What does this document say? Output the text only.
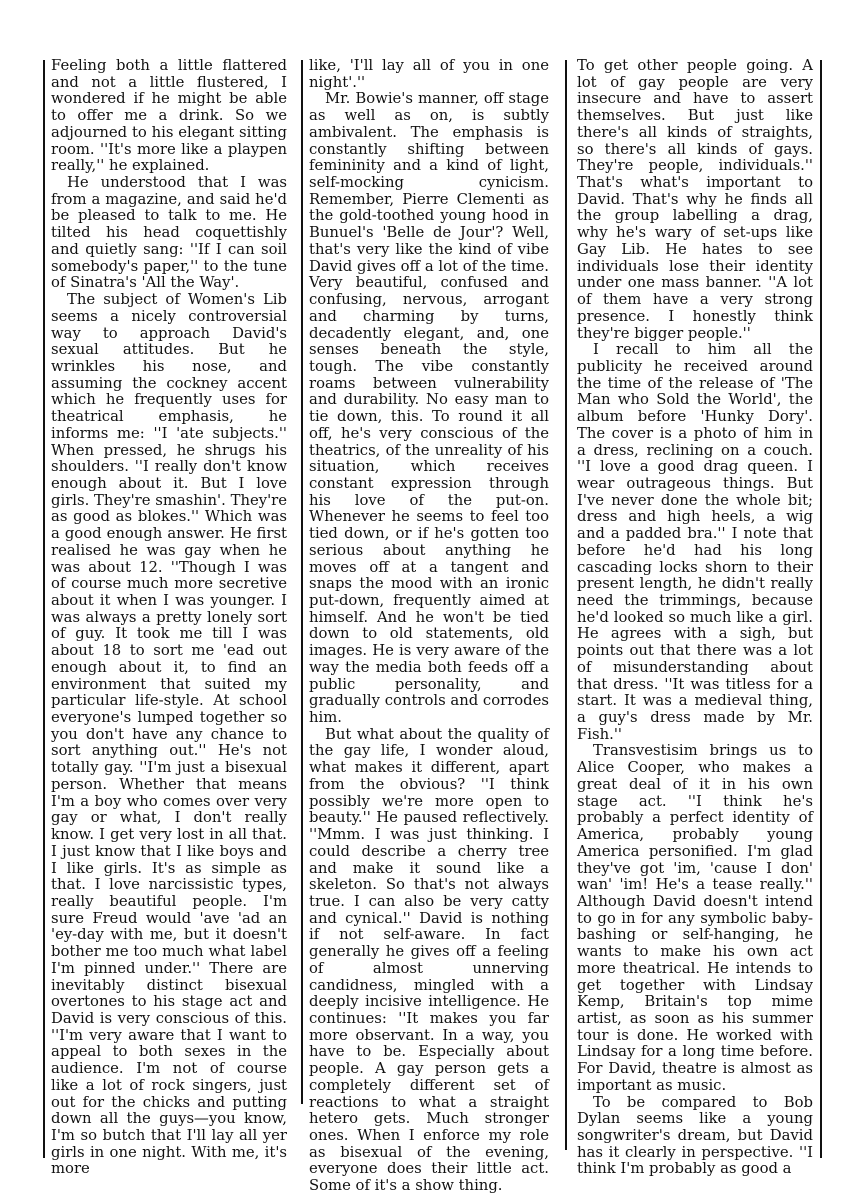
Feeling both a little flattered and not a little flustered, I wondered if he might be able to offer me a drink. So we adjourned to his elegant sitting room. ''It's more like a playpen really,'' he explained.

He understood that I was from a magazine, and said he'd be pleased to talk to me. He tilted his head coquettishly and quietly sang: ''If I can soil somebody's paper,'' to the tune of Sinatra's 'All the Way'.

The subject of Women's Lib seems a nicely controversial way to approach David's sexual attitudes. But he wrinkles his nose, and assuming the cockney accent which he frequently uses for theatrical emphasis, he informs me: ''I 'ate subjects.'' When pressed, he shrugs his shoulders. ''I really don't know enough about it. But I love girls. They're smashin'. They're as good as blokes.'' Which was a good enough answer. He first realised he was gay when he was about 12. ''Though I was of course much more secretive about it when I was younger. I was always a pretty lonely sort of guy. It took me till I was about 18 to sort me 'ead out enough about it, to find an environment that suited my particular life-style. At school everyone's lumped together so you don't have any chance to sort anything out.'' He's not totally gay. ''I'm just a bisexual person. Whether that means I'm a boy who comes over very gay or what, I don't really know. I get very lost in all that. I just know that I like boys and I like girls. It's as simple as that. I love narcissistic types, really beautiful people. I'm sure Freud would 'ave 'ad an 'ey-day with me, but it doesn't bother me too much what label I'm pinned under.'' There are inevitably distinct bisexual overtones to his stage act and David is very conscious of this. ''I'm very aware that I want to appeal to both sexes in the audience. I'm not of course like a lot of rock singers, just out for the chicks and putting down all the guys—you know, I'm so butch that I'll lay all yer girls in one night. With me, it's more

like, 'I'll lay all of you in one night'.''

Mr. Bowie's manner, off stage as well as on, is subtly ambivalent. The emphasis is constantly shifting between femininity and a kind of light, self-mocking cynicism. Remember, Pierre Clementi as the gold-toothed young hood in Bunuel's 'Belle de Jour'? Well, that's very like the kind of vibe David gives off a lot of the time. Very beautiful, confused and confusing, nervous, arrogant and charming by turns, decadently elegant, and, one senses beneath the style, tough. The vibe constantly roams between vulnerability and durability. No easy man to tie down, this. To round it all off, he's very conscious of the theatrics, of the unreality of his situation, which receives constant expression through his love of the put-on. Whenever he seems to feel too tied down, or if he's gotten too serious about anything he moves off at a tangent and snaps the mood with an ironic put-down, frequently aimed at himself. And he won't be tied down to old statements, old images. He is very aware of the way the media both feeds off a public personality, and gradually controls and corrodes him.

But what about the quality of the gay life, I wonder aloud, what makes it different, apart from the obvious? ''I think possibly we're more open to beauty.'' He paused reflectively. ''Mmm. I was just thinking. I could describe a cherry tree and make it sound like a skeleton. So that's not always true. I can also be very catty and cynical.'' David is nothing if not self-aware. In fact generally he gives off a feeling of almost unnerving candidness, mingled with a deeply incisive intelligence. He continues: ''It makes you far more observant. In a way, you have to be. Especially about people. A gay person gets a completely different set of reactions to what a straight hetero gets. Much stronger ones. When I enforce my role as bisexual of the evening, everyone does their little act. Some of it's a show thing.

To get other people going. A lot of gay people are very insecure and have to assert themselves. But just like there's all kinds of straights, so there's all kinds of gays. They're people, individuals.'' That's what's important to David. That's why he finds all the group labelling a drag, why he's wary of set-ups like Gay Lib. He hates to see individuals lose their identity under one mass banner. ''A lot of them have a very strong presence. I honestly think they're bigger people.''

I recall to him all the publicity he received around the time of the release of 'The Man who Sold the World', the album before 'Hunky Dory'. The cover is a photo of him in a dress, reclining on a couch. ''I love a good drag queen. I wear outrageous things. But I've never done the whole bit; dress and high heels, a wig and a padded bra.'' I note that before he'd had his long cascading locks shorn to their present length, he didn't really need the trimmings, because he'd looked so much like a girl. He agrees with a sigh, but points out that there was a lot of misunderstanding about that dress. ''It was titless for a start. It was a medieval thing, a guy's dress made by Mr. Fish.''

Transvestisim brings us to Alice Cooper, who makes a great deal of it in his own stage act. ''I think he's probably a perfect identity of America, probably young America personified. I'm glad they've got 'im, 'cause I don' wan' 'im! He's a tease really.'' Although David doesn't intend to go in for any symbolic baby-bashing or self-hanging, he wants to make his own act more theatrical. He intends to get together with Lindsay Kemp, Britain's top mime artist, as soon as his summer tour is done. He worked with Lindsay for a long time before. For David, theatre is almost as important as music.

To be compared to Bob Dylan seems like a young songwriter's dream, but David has it clearly in perspective. ''I think I'm probably as good a
